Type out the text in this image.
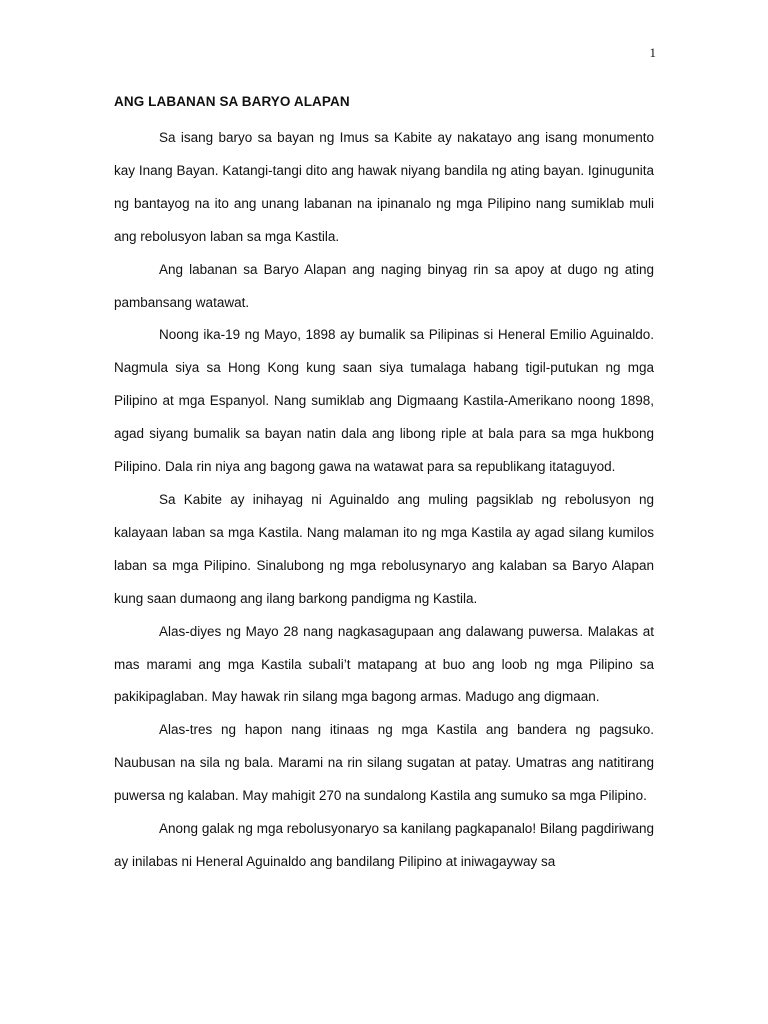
1
ANG LABANAN SA BARYO ALAPAN

Sa isang baryo sa bayan ng Imus sa Kabite ay nakatayo ang isang monumento kay Inang Bayan. Katangi-tangi dito ang hawak niyang bandila ng ating bayan. Iginugunita ng bantayog na ito ang unang labanan na ipinanalo ng mga Pilipino nang sumiklab muli ang rebolusyon laban sa mga Kastila.

Ang labanan sa Baryo Alapan ang naging binyag rin sa apoy at dugo ng ating pambansang watawat.

Noong ika-19 ng Mayo, 1898 ay bumalik sa Pilipinas si Heneral Emilio Aguinaldo. Nagmula siya sa Hong Kong kung saan siya tumalaga habang tigil-putukan ng mga Pilipino at mga Espanyol. Nang sumiklab ang Digmaang Kastila-Amerikano noong 1898, agad siyang bumalik sa bayan natin dala ang libong riple at bala para sa mga hukbong Pilipino. Dala rin niya ang bagong gawa na watawat para sa republikang itataguyod.

Sa Kabite ay inihayag ni Aguinaldo ang muling pagsiklab ng rebolusyon ng kalayaan laban sa mga Kastila. Nang malaman ito ng mga Kastila ay agad silang kumilos laban sa mga Pilipino. Sinalubong ng mga rebolusynaryo ang kalaban sa Baryo Alapan kung saan dumaong ang ilang barkong pandigma ng Kastila.

Alas-diyes ng Mayo 28 nang nagkasagupaan ang dalawang puwersa. Malakas at mas marami ang mga Kastila subali’t matapang at buo ang loob ng mga Pilipino sa pakikipaglaban. May hawak rin silang mga bagong armas. Madugo ang digmaan.

Alas-tres ng hapon nang itinaas ng mga Kastila ang bandera ng pagsuko. Naubusan na sila ng bala. Marami na rin silang sugatan at patay. Umatras ang natitirang puwersa ng kalaban. May mahigit 270 na sundalong Kastila ang sumuko sa mga Pilipino.

Anong galak ng mga rebolusyonaryo sa kanilang pagkapanalo! Bilang pagdiriwang ay inilabas ni Heneral Aguinaldo ang bandilang Pilipino at iniwagayway sa
